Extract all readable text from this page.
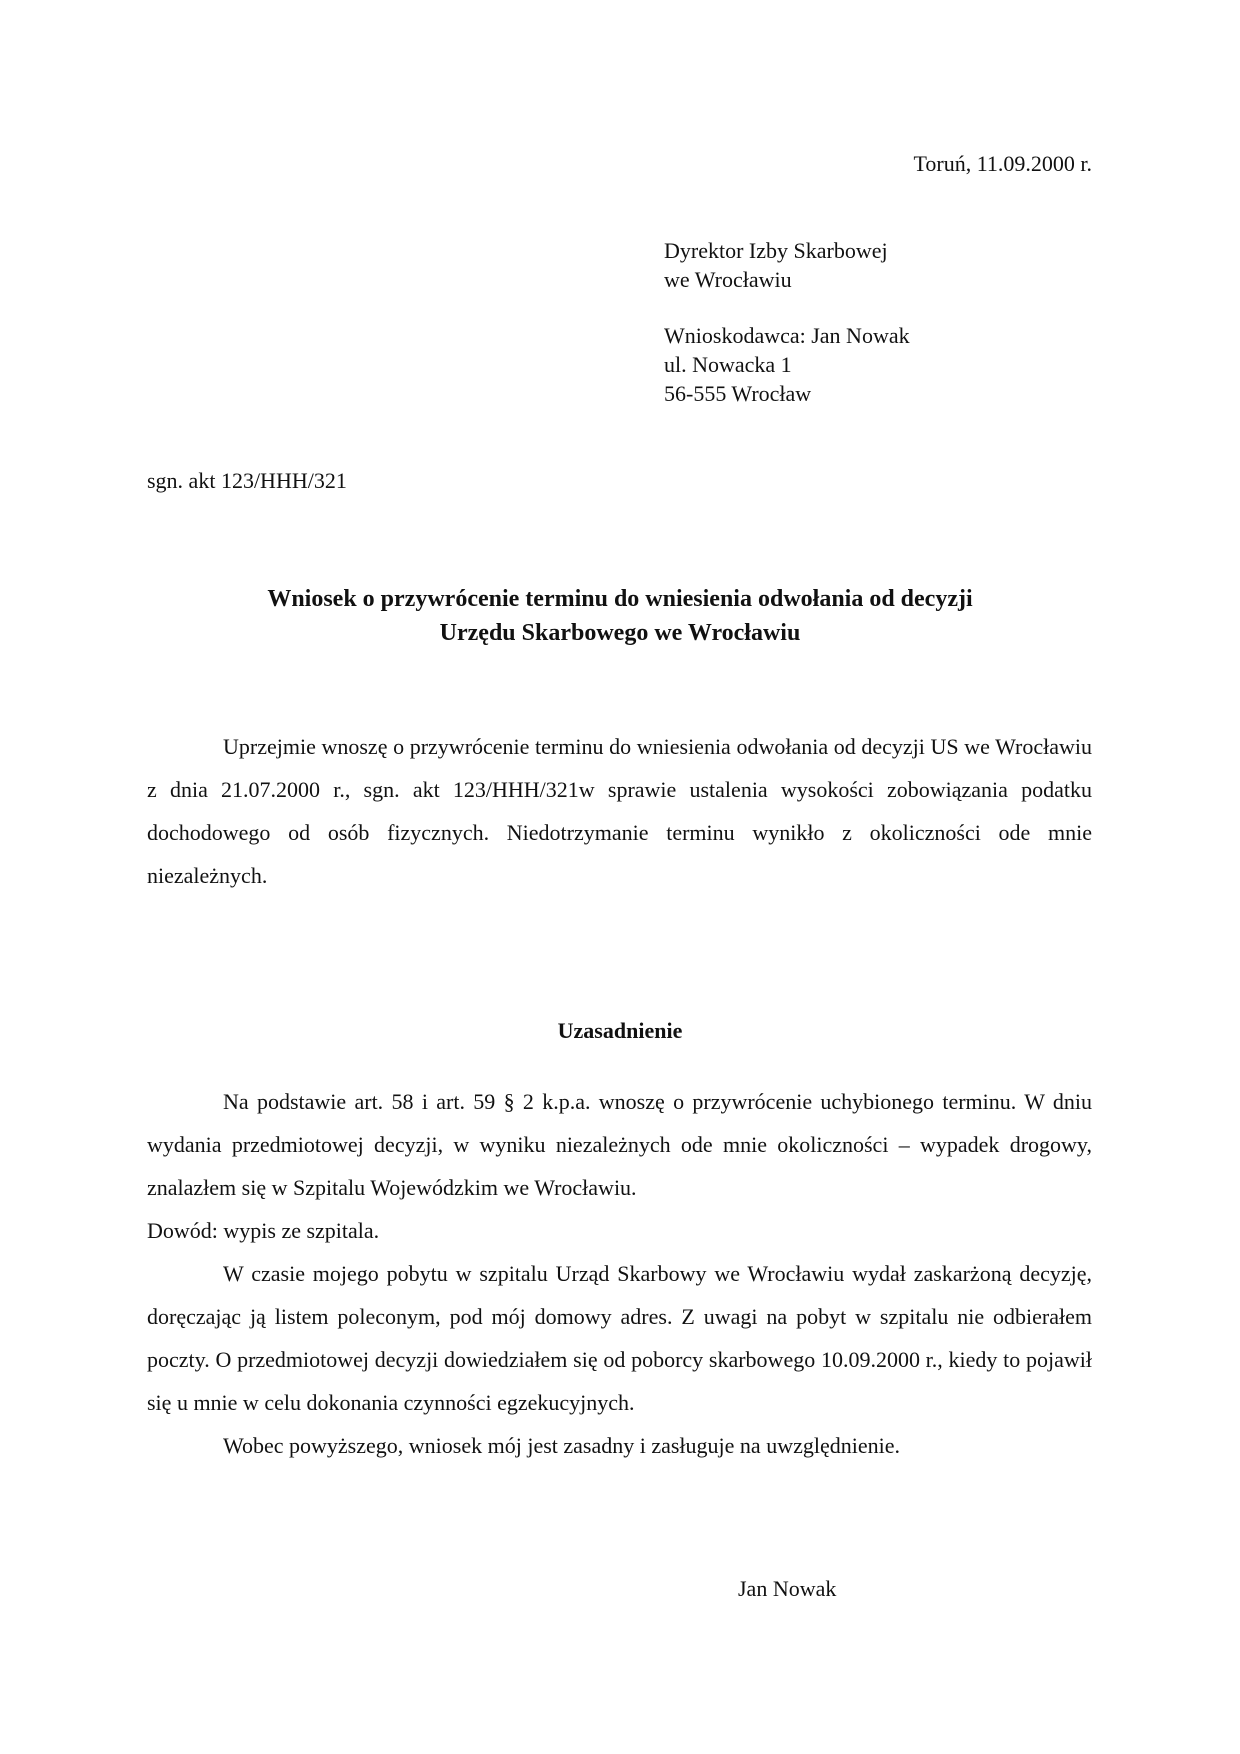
Toruń, 11.09.2000 r.
Dyrektor Izby Skarbowej
we Wrocławiu
Wnioskodawca: Jan Nowak
ul. Nowacka 1
56-555 Wrocław
sgn. akt 123/HHH/321
Wniosek o przywrócenie terminu do wniesienia odwołania od decyzji
Urzędu Skarbowego we Wrocławiu

Uprzejmie wnoszę o przywrócenie terminu do wniesienia odwołania od decyzji US we Wrocławiu z dnia 21.07.2000 r., sgn. akt 123/HHH/321w sprawie ustalenia wysokości zobowiązania podatku dochodowego od osób fizycznych. Niedotrzymanie terminu wynikło z okoliczności ode mnie niezależnych.

Uzasadnienie

Na podstawie art. 58 i art. 59 § 2 k.p.a. wnoszę o przywrócenie uchybionego terminu. W dniu wydania przedmiotowej decyzji, w wyniku niezależnych ode mnie okoliczności – wypadek drogowy, znalazłem się w Szpitalu Wojewódzkim we Wrocławiu.

Dowód: wypis ze szpitala.

W czasie mojego pobytu w szpitalu Urząd Skarbowy we Wrocławiu wydał zaskarżoną decyzję, doręczając ją listem poleconym, pod mój domowy adres. Z uwagi na pobyt w szpitalu nie odbierałem poczty. O przedmiotowej decyzji dowiedziałem się od poborcy skarbowego 10.09.2000 r., kiedy to pojawił się u mnie w celu dokonania czynności egzekucyjnych.

Wobec powyższego, wniosek mój jest zasadny i zasługuje na uwzględnienie.

Jan Nowak
